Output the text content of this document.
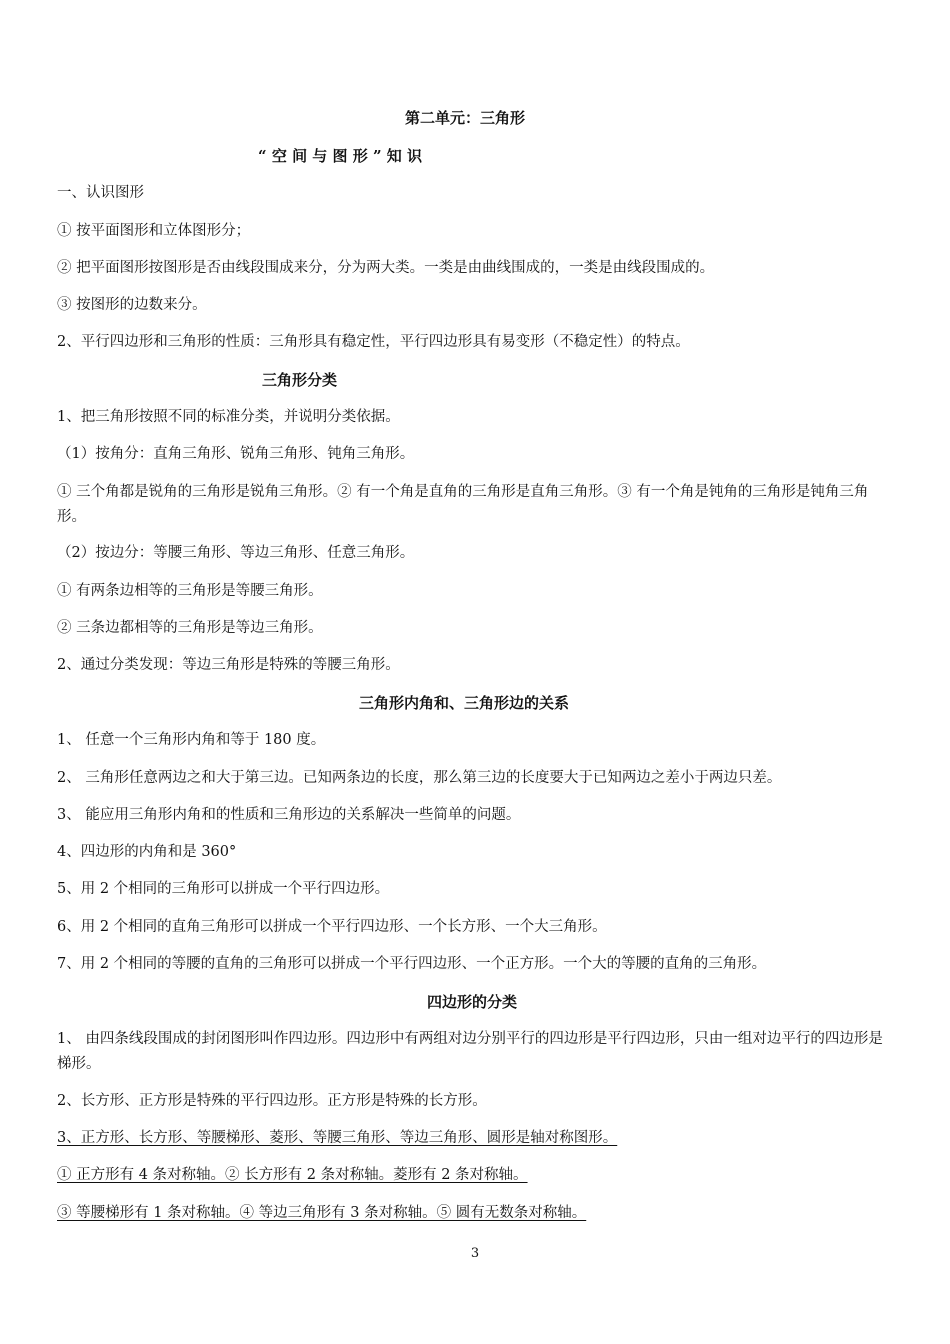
第二单元：三角形
“ 空 间 与 图 形 ” 知 识
一、认识图形
① 按平面图形和立体图形分；
② 把平面图形按图形是否由线段围成来分，分为两大类。一类是由曲线围成的，一类是由线段围成的。
③ 按图形的边数来分。
2、平行四边形和三角形的性质：三角形具有稳定性，平行四边形具有易变形（不稳定性）的特点。
三角形分类
1、把三角形按照不同的标准分类，并说明分类依据。
（1）按角分：直角三角形、锐角三角形、钝角三角形。
① 三个角都是锐角的三角形是锐角三角形。② 有一个角是直角的三角形是直角三角形。③ 有一个角是钝角的三角形是钝角三角形。
（2）按边分：等腰三角形、等边三角形、任意三角形。
① 有两条边相等的三角形是等腰三角形。
② 三条边都相等的三角形是等边三角形。
2、通过分类发现：等边三角形是特殊的等腰三角形。
三角形内角和、三角形边的关系
1、 任意一个三角形内角和等于 180 度。
2、 三角形任意两边之和大于第三边。已知两条边的长度，那么第三边的长度要大于已知两边之差小于两边只差。
3、 能应用三角形内角和的性质和三角形边的关系解决一些简单的问题。
4、四边形的内角和是 360°
5、用 2 个相同的三角形可以拼成一个平行四边形。
6、用 2 个相同的直角三角形可以拼成一个平行四边形、一个长方形、一个大三角形。
7、用 2 个相同的等腰的直角的三角形可以拼成一个平行四边形、一个正方形。一个大的等腰的直角的三角形。
四边形的分类
1、 由四条线段围成的封闭图形叫作四边形。四边形中有两组对边分别平行的四边形是平行四边形，只由一组对边平行的四边形是梯形。
2、长方形、正方形是特殊的平行四边形。正方形是特殊的长方形。
3、正方形、长方形、等腰梯形、菱形、等腰三角形、等边三角形、圆形是轴对称图形。
① 正方形有 4 条对称轴。② 长方形有 2 条对称轴。菱形有 2 条对称轴。
③ 等腰梯形有 1 条对称轴。④ 等边三角形有 3 条对称轴。⑤ 圆有无数条对称轴。
3
